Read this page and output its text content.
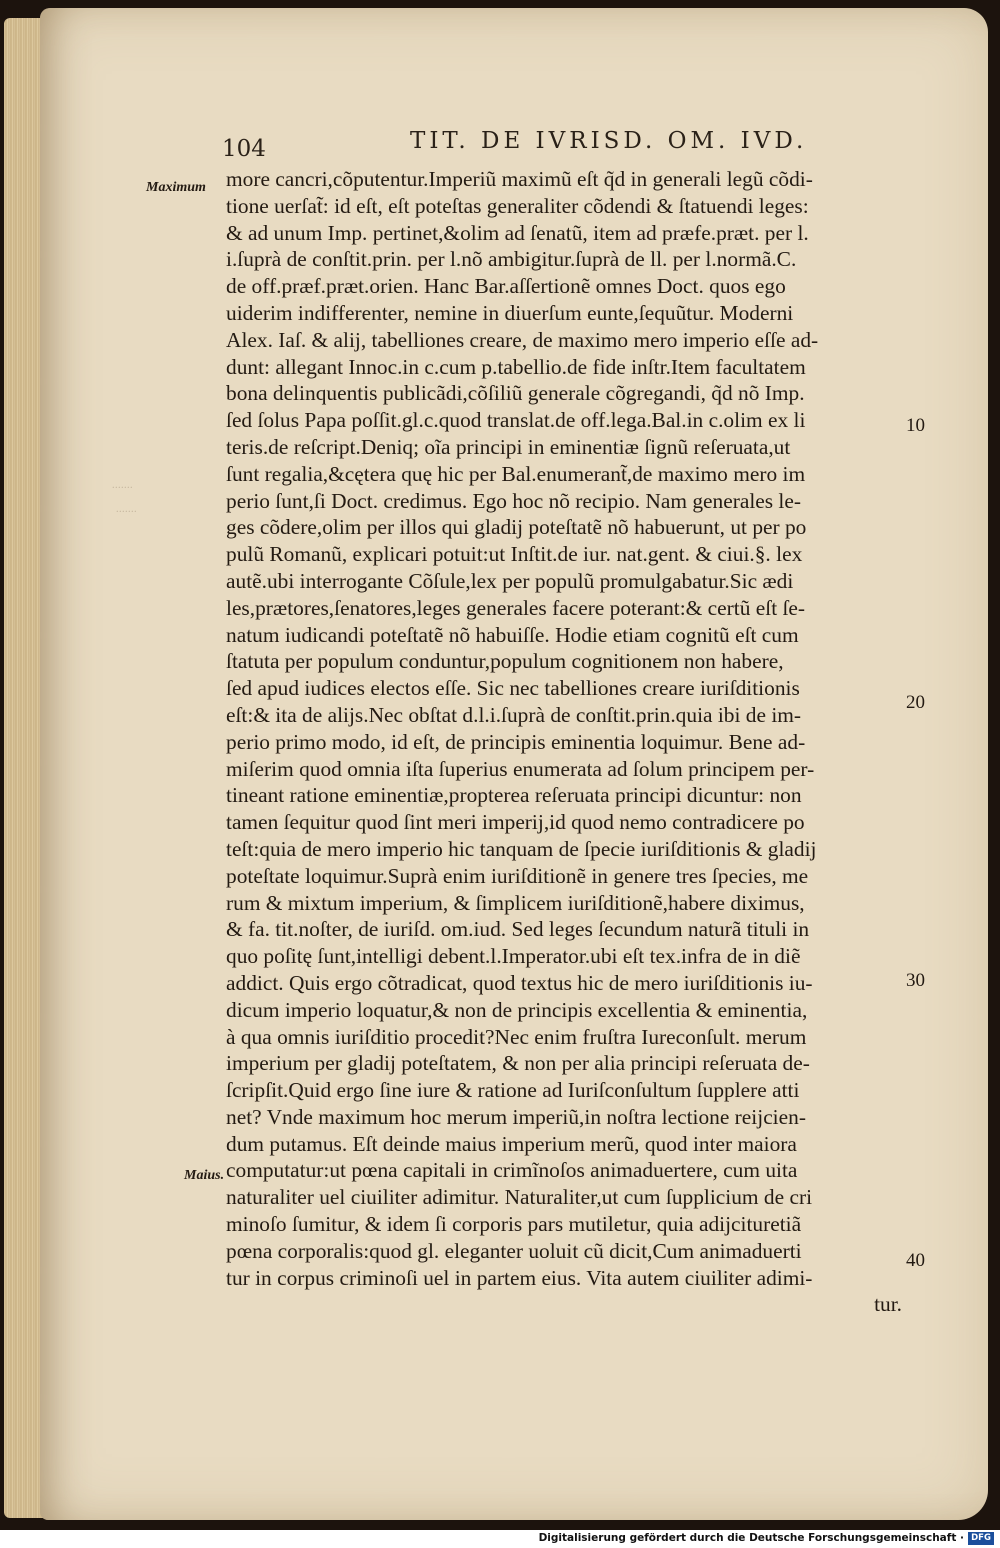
·······
·······
104	TIT. DE IVRISD. OM. IVD.
Maximum
Maius.
10
20
30
40
more cancri,cõputentur.Imperiũ maximũ eſt q̃d in generali legũ cõdi-
tione uerſat̃: id eſt, eſt poteſtas generaliter cõdendi & ſtatuendi leges:
& ad unum Imp. pertinet,&olim ad ſenatũ, item ad præfe.præt. per l.
i.ſuprà de conſtit.prin. per l.nõ ambigitur.ſuprà de ll. per l.normã.C.
de off.præf.præt.orien. Hanc Bar.aſſertionẽ omnes Doct. quos ego
uiderim indifferenter, nemine in diuerſum eunte,ſequũtur. Moderni
Alex. Iaſ. & alij, tabelliones creare, de maximo mero imperio eſſe ad-
dunt: allegant Innoc.in c.cum p.tabellio.de fide inſtr.Item facultatem
bona delinquentis publicãdi,cõſiliũ generale cõgregandi, q̃d nõ Imp.
ſed ſolus Papa poſſit.gl.c.quod translat.de off.lega.Bal.in c.olim ex li
teris.de reſcript.Deniq; oĩa principi in eminentiæ ſignũ reſeruata,ut
ſunt regalia,&cętera quę hic per Bal.enumerant̃,de maximo mero im
perio ſunt,ſi Doct. credimus. Ego hoc nõ recipio. Nam generales le-
ges cõdere,olim per illos qui gladij poteſtatẽ nõ habuerunt, ut per po
pulũ Romanũ, explicari potuit:ut Inſtit.de iur. nat.gent. & ciui.§. lex
autẽ.ubi interrogante Cõſule,lex per populũ promulgabatur.Sic ædi
les,prætores,ſenatores,leges generales facere poterant:& certũ eſt ſe-
natum iudicandi poteſtatẽ nõ habuiſſe. Hodie etiam cognitũ eſt cum
ſtatuta per populum conduntur,populum cognitionem non habere,
ſed apud iudices electos eſſe. Sic nec tabelliones creare iuriſditionis
eſt:& ita de alijs.Nec obſtat d.l.i.ſuprà de conſtit.prin.quia ibi de im-
perio primo modo, id eſt, de principis eminentia loquimur. Bene ad-
miſerim quod omnia iſta ſuperius enumerata ad ſolum principem per-
tineant ratione eminentiæ,propterea reſeruata principi dicuntur: non
tamen ſequitur quod ſint meri imperij,id quod nemo contradicere po
teſt:quia de mero imperio hic tanquam de ſpecie iuriſditionis & gladij
poteſtate loquimur.Suprà enim iuriſditionẽ in genere tres ſpecies, me
rum & mixtum imperium, & ſimplicem iuriſditionẽ,habere diximus,
& fa. tit.noſter, de iuriſd. om.iud. Sed leges ſecundum naturã tituli in
quo poſitę ſunt,intelligi debent.l.Imperator.ubi eſt tex.infra de in diẽ
addict. Quis ergo cõtradicat, quod textus hic de mero iuriſditionis iu-
dicum imperio loquatur,& non de principis excellentia & eminentia,
à qua omnis iuriſditio procedit?Nec enim fruſtra Iureconſult. merum
imperium per gladij poteſtatem, & non per alia principi reſeruata de-
ſcripſit.Quid ergo ſine iure & ratione ad Iuriſconſultum ſupplere atti
net? Vnde maximum hoc merum imperiũ,in noſtra lectione reijcien-
dum putamus. Eſt deinde maius imperium merũ, quod inter maiora
computatur:ut pœna capitali in crimĩnoſos animaduertere, cum uita
naturaliter uel ciuiliter adimitur. Naturaliter,ut cum ſupplicium de cri
minoſo ſumitur, & idem ſi corporis pars mutiletur, quia adijcituretiã
pœna corporalis:quod gl. eleganter uoluit cũ dicit,Cum animaduerti
tur in corpus criminoſi uel in partem eius. Vita autem ciuiliter adimi-
tur.
Digitalisierung gefördert durch die Deutsche Forschungsgemeinschaft · DFG
